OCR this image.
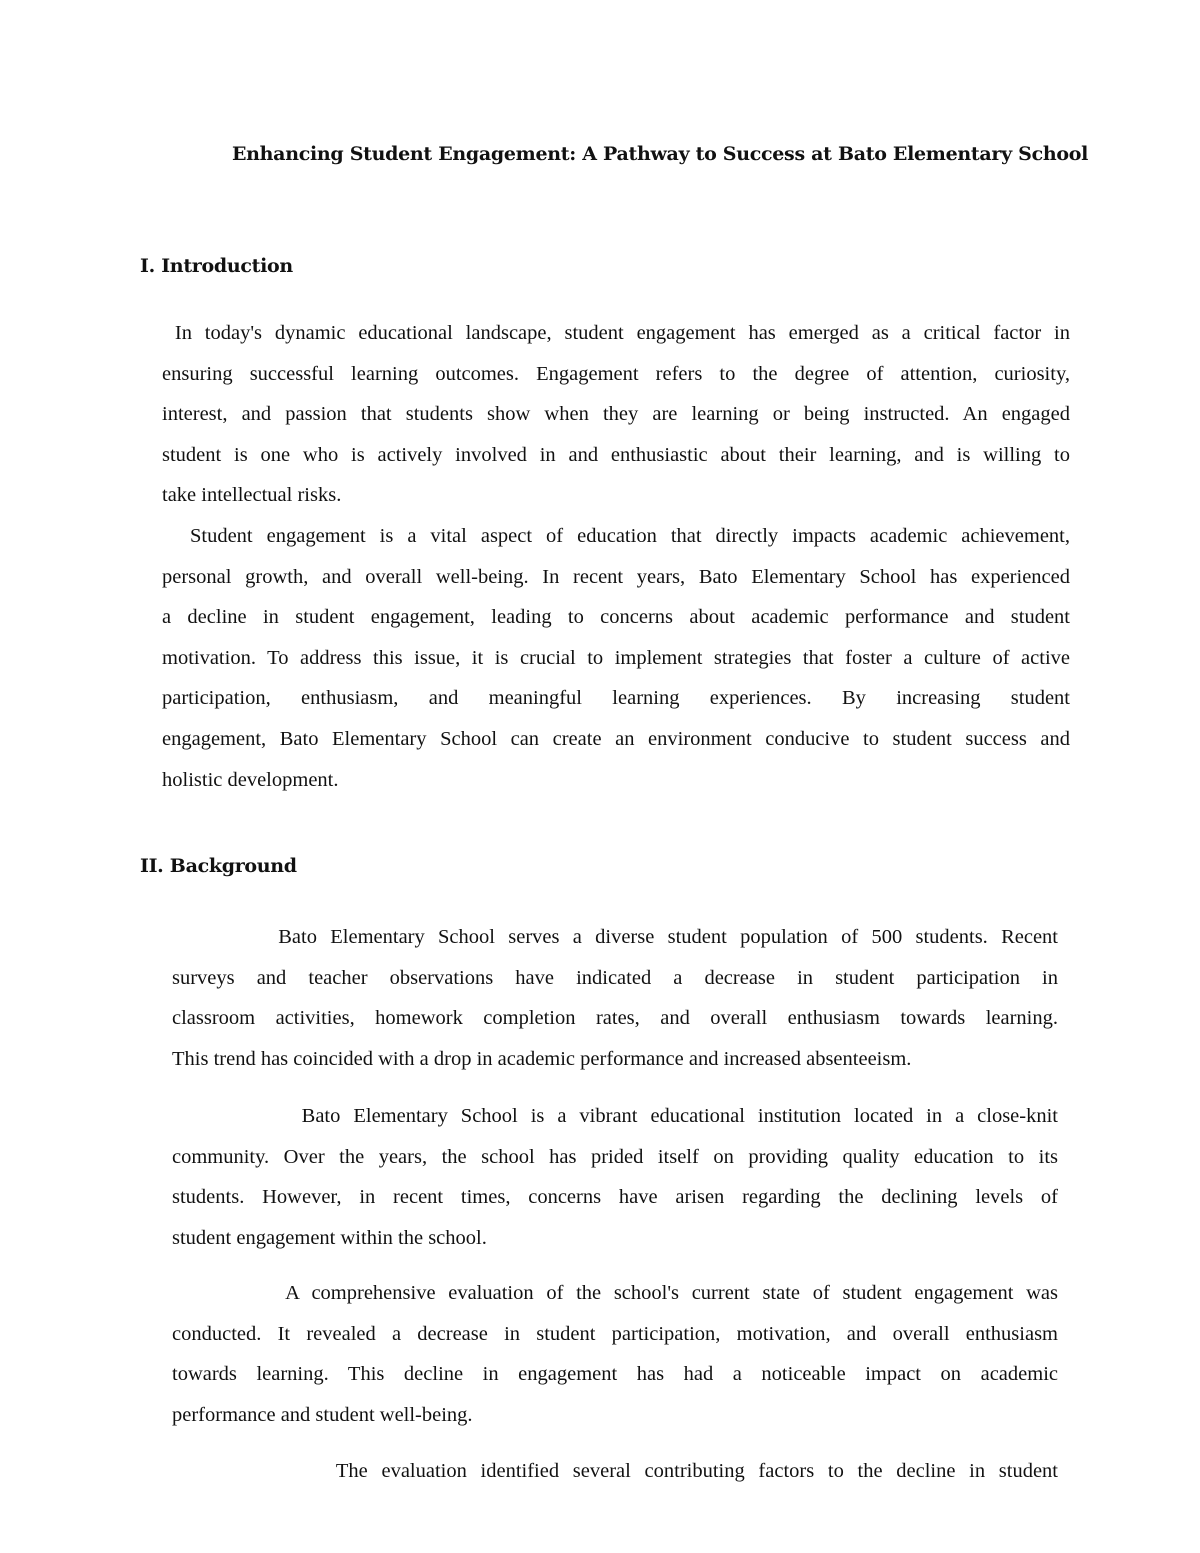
Enhancing Student Engagement: A Pathway to Success at Bato Elementary School
I. Introduction

In today's dynamic educational landscape, student engagement has emerged as a critical factor in
ensuring successful learning outcomes. Engagement refers to the degree of attention, curiosity,
interest, and passion that students show when they are learning or being instructed. An engaged
student is one who is actively involved in and enthusiastic about their learning, and is willing to
take intellectual risks.

Student engagement is a vital aspect of education that directly impacts academic achievement,
personal growth, and overall well-being. In recent years, Bato Elementary School has experienced
a decline in student engagement, leading to concerns about academic performance and student
motivation. To address this issue, it is crucial to implement strategies that foster a culture of active
participation, enthusiasm, and meaningful learning experiences. By increasing student
engagement, Bato Elementary School can create an environment conducive to student success and
holistic development.

II. Background

Bato Elementary School serves a diverse student population of 500 students. Recent
surveys and teacher observations have indicated a decrease in student participation in
classroom activities, homework completion rates, and overall enthusiasm towards learning.
This trend has coincided with a drop in academic performance and increased absenteeism.

Bato Elementary School is a vibrant educational institution located in a close-knit
community. Over the years, the school has prided itself on providing quality education to its
students. However, in recent times, concerns have arisen regarding the declining levels of
student engagement within the school.

A comprehensive evaluation of the school's current state of student engagement was
conducted. It revealed a decrease in student participation, motivation, and overall enthusiasm
towards learning. This decline in engagement has had a noticeable impact on academic
performance and student well-being.

The evaluation identified several contributing factors to the decline in student
